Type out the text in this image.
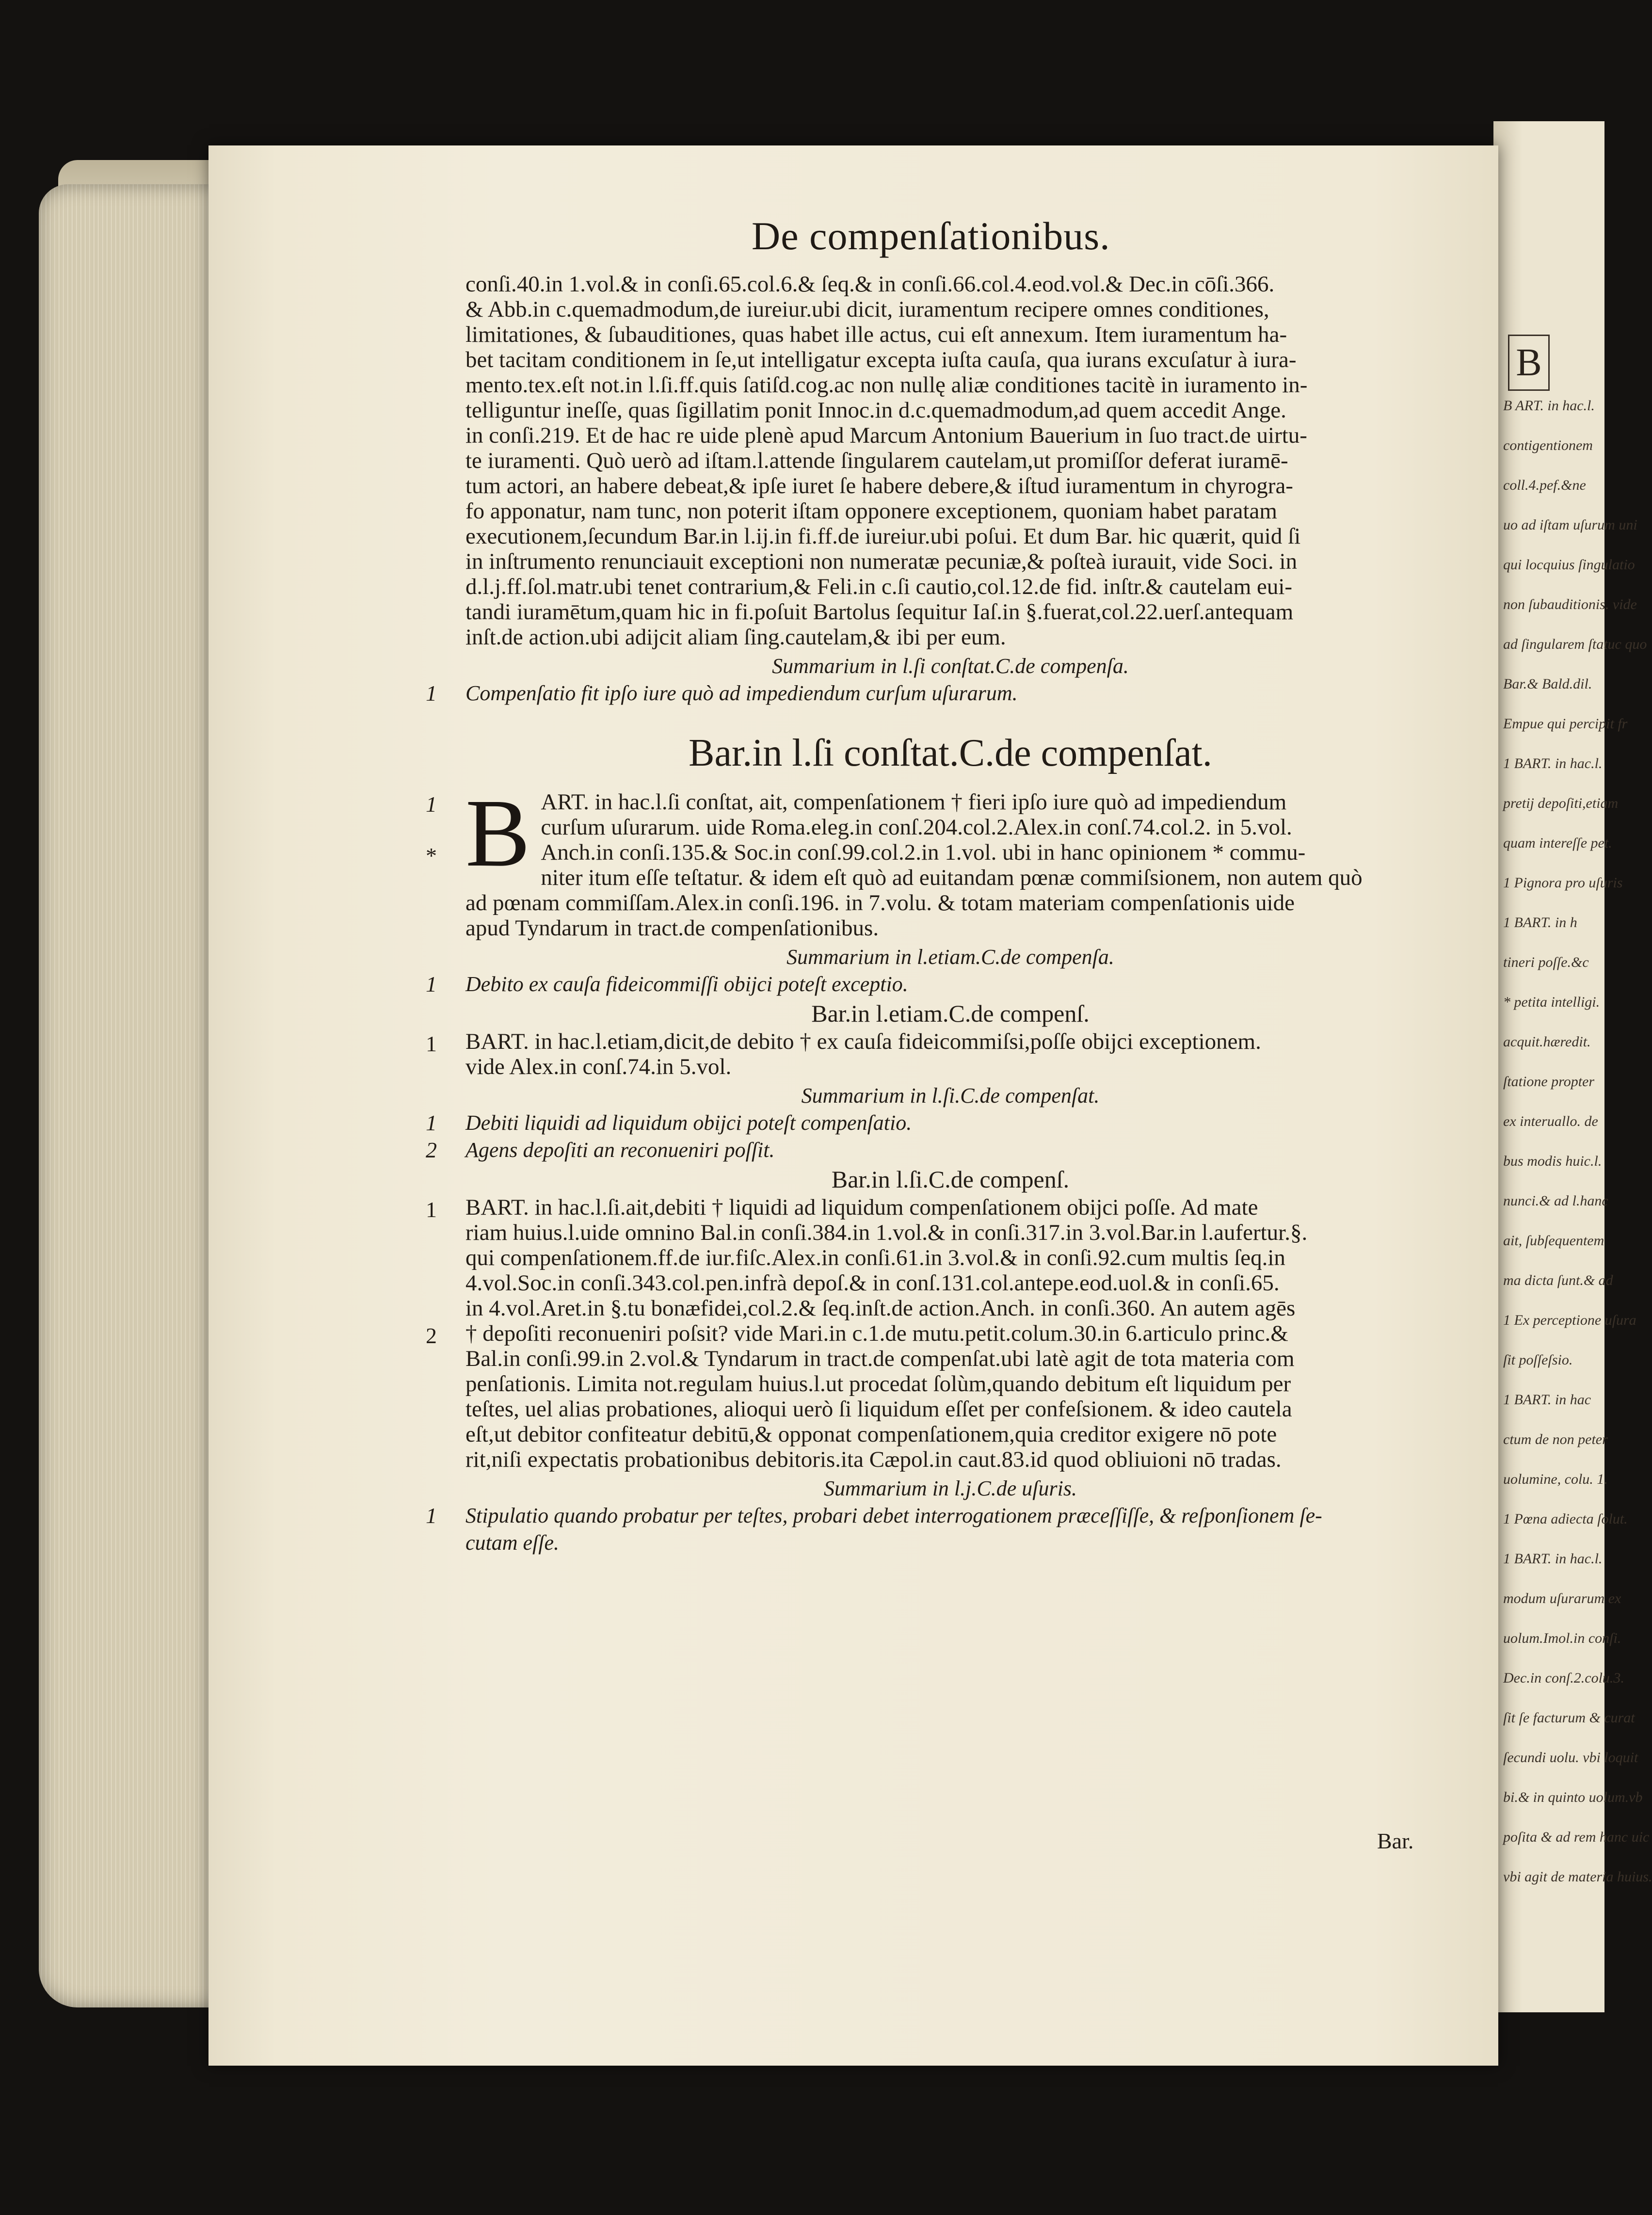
B
B ART. in hac.l.
contigentionem
coll.4.pef.&ne
uo ad iſtam uſurum uni
qui locquius ſingulatio
non ſubauditionis. vide
ad ſingularem ſtatuc quo
Bar.& Bald.dil.
Empue qui percipit fr
1 BART. in hac.l.
pretij depoſiti,etiam
quam intereſſe pet.
1 Pignora pro uſuris
1 BART. in h
tineri poſſe.&c
* petita intelligi.
acquit.hæredit.
ſtatione propter
ex interuallo. de
bus modis huic.l.
nunci.& ad l.hanc
ait, ſubſequentem
ma dicta ſunt.& ad
1 Ex perceptione uſura
ſit poſſeſsio.
1 BART. in hac
ctum de non peter
uolumine, colu. 1.
1 Pœna adiecta ſolut.
1 BART. in hac.l.
modum uſurarum ex
uolum.Imol.in conſi.
Dec.in conſ.2.colu.3.
ſit ſe facturum & curat
ſecundi uolu. vbi loquit
bi.& in quinto uolum.vb
poſita & ad rem hanc uic
vbi agit de materia huius.
De compenſationibus.
conſi.40.in 1.vol.& in conſi.65.col.6.& ſeq.& in conſi.66.col.4.eod.vol.& Dec.in cōſi.366.
& Abb.in c.quemadmodum,de iureiur.ubi dicit, iuramentum recipere omnes conditiones,
limitationes, & ſubauditiones, quas habet ille actus, cui eſt annexum. Item iuramentum ha-
bet tacitam conditionem in ſe,ut intelligatur excepta iuſta cauſa, qua iurans excuſatur à iura-
mento.tex.eſt not.in l.ſi.ff.quis ſatiſd.cog.ac non nullę aliæ conditiones tacitè in iuramento in-
telliguntur ineſſe, quas ſigillatim ponit Innoc.in d.c.quemadmodum,ad quem accedit Ange.
in conſi.219. Et de hac re uide plenè apud Marcum Antonium Bauerium in ſuo tract.de uirtu-
te iuramenti. Quò uerò ad iſtam.l.attende ſingularem cautelam,ut promiſſor deferat iuramē-
tum actori, an habere debeat,& ipſe iuret ſe habere debere,& iſtud iuramentum in chyrogra-
fo apponatur, nam tunc, non poterit iſtam opponere exceptionem, quoniam habet paratam
executionem,ſecundum Bar.in l.ij.in fi.ff.de iureiur.ubi poſui. Et dum Bar. hic quærit, quid ſi
in inſtrumento renunciauit exceptioni non numeratæ pecuniæ,& poſteà iurauit, vide Soci. in
d.l.j.ff.ſol.matr.ubi tenet contrarium,& Feli.in c.ſi cautio,col.12.de fid. inſtr.& cautelam eui-
tandi iuramētum,quam hic in fi.poſuit Bartolus ſequitur Iaſ.in §.fuerat,col.22.uerſ.antequam
inſt.de action.ubi adijcit aliam ſing.cautelam,& ibi per eum.
Summarium in l.ſi conſtat.C.de compenſa.
1 Compenſatio fit ipſo iure quò ad impediendum curſum uſurarum.
Bar.in l.ſi conſtat.C.de compenſat.
1
* B ART. in hac.l.ſi conſtat, ait, compenſationem † fieri ipſo iure quò ad impediendum
curſum uſurarum. uide Roma.eleg.in conſ.204.col.2.Alex.in conſ.74.col.2. in 5.vol.
Anch.in conſi.135.& Soc.in conſ.99.col.2.in 1.vol. ubi in hanc opinionem * commu-
niter itum eſſe teſtatur. & idem eſt quò ad euitandam pœnæ commiſsionem, non autem quò
ad pœnam commiſſam.Alex.in conſi.196. in 7.volu. & totam materiam compenſationis uide
apud Tyndarum in tract.de compenſationibus.
Summarium in l.etiam.C.de compenſa.
1 Debito ex cauſa fideicommiſſi obijci poteſt exceptio.
Bar.in l.etiam.C.de compenſ.
1 BART. in hac.l.etiam,dicit,de debito † ex cauſa fideicommiſsi,poſſe obijci exceptionem.
vide Alex.in conſ.74.in 5.vol.
Summarium in l.ſi.C.de compenſat.
1 Debiti liquidi ad liquidum obijci poteſt compenſatio.
2 Agens depoſiti an reconueniri poſſit.
Bar.in l.ſi.C.de compenſ.
1
2
BART. in hac.l.ſi.ait,debiti † liquidi ad liquidum compenſationem obijci poſſe. Ad mate
riam huius.l.uide omnino Bal.in conſi.384.in 1.vol.& in conſi.317.in 3.vol.Bar.in l.aufertur.§.
qui compenſationem.ff.de iur.fiſc.Alex.in conſi.61.in 3.vol.& in conſi.92.cum multis ſeq.in
4.vol.Soc.in conſi.343.col.pen.infrà depoſ.& in conſ.131.col.antepe.eod.uol.& in conſi.65.
in 4.vol.Aret.in §.tu bonæfidei,col.2.& ſeq.inſt.de action.Anch. in conſi.360. An autem agēs
† depoſiti reconueniri poſsit? vide Mari.in c.1.de mutu.petit.colum.30.in 6.articulo princ.&
Bal.in conſi.99.in 2.vol.& Tyndarum in tract.de compenſat.ubi latè agit de tota materia com
penſationis. Limita not.regulam huius.l.ut procedat ſolùm,quando debitum eſt liquidum per
teſtes, uel alias probationes, alioqui uerò ſi liquidum eſſet per confeſsionem. & ideo cautela
eſt,ut debitor confiteatur debitū,& opponat compenſationem,quia creditor exigere nō pote
rit,niſi expectatis probationibus debitoris.ita Cæpol.in caut.83.id quod obliuioni nō tradas.
Summarium in l.j.C.de uſuris.
1 Stipulatio quando probatur per teſtes, probari debet interrogationem præceſſiſſe, & reſponſionem ſe-
cutam eſſe.
Bar.
